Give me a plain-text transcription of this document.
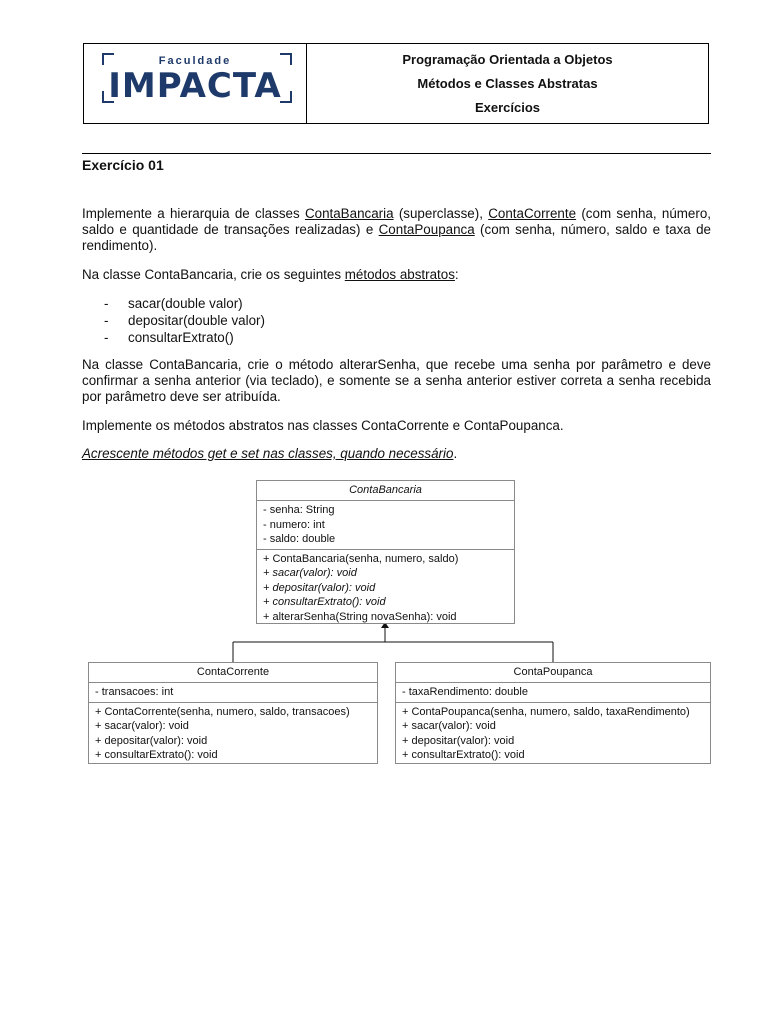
Faculdade
IMPACTA
Programação Orientada a Objetos
Métodos e Classes Abstratas
Exercícios
Exercício 01
Implemente a hierarquia de classes ContaBancaria (superclasse), ContaCorrente (com senha, número, saldo e quantidade de transações realizadas) e ContaPoupanca (com senha, número, saldo e taxa de rendimento).
Na classe ContaBancaria, crie os seguintes métodos abstratos:
-	sacar(double valor)
-	depositar(double valor)
-	consultarExtrato()
Na classe ContaBancaria, crie o método alterarSenha, que recebe uma senha por parâmetro e deve confirmar a senha anterior (via teclado), e somente se a senha anterior estiver correta a senha recebida por parâmetro deve ser atribuída.
Implemente os métodos abstratos nas classes ContaCorrente e ContaPoupanca.
Acrescente métodos get e set nas classes, quando necessário.
ContaBancaria
- senha: String
- numero: int
- saldo: double
+ ContaBancaria(senha, numero, saldo)
+ sacar(valor): void
+ depositar(valor): void
+ consultarExtrato(): void
+ alterarSenha(String novaSenha): void
ContaCorrente
- transacoes: int
+ ContaCorrente(senha, numero, saldo, transacoes)
+ sacar(valor): void
+ depositar(valor): void
+ consultarExtrato(): void
ContaPoupanca
- taxaRendimento: double
+ ContaPoupanca(senha, numero, saldo, taxaRendimento)
+ sacar(valor): void
+ depositar(valor): void
+ consultarExtrato(): void
